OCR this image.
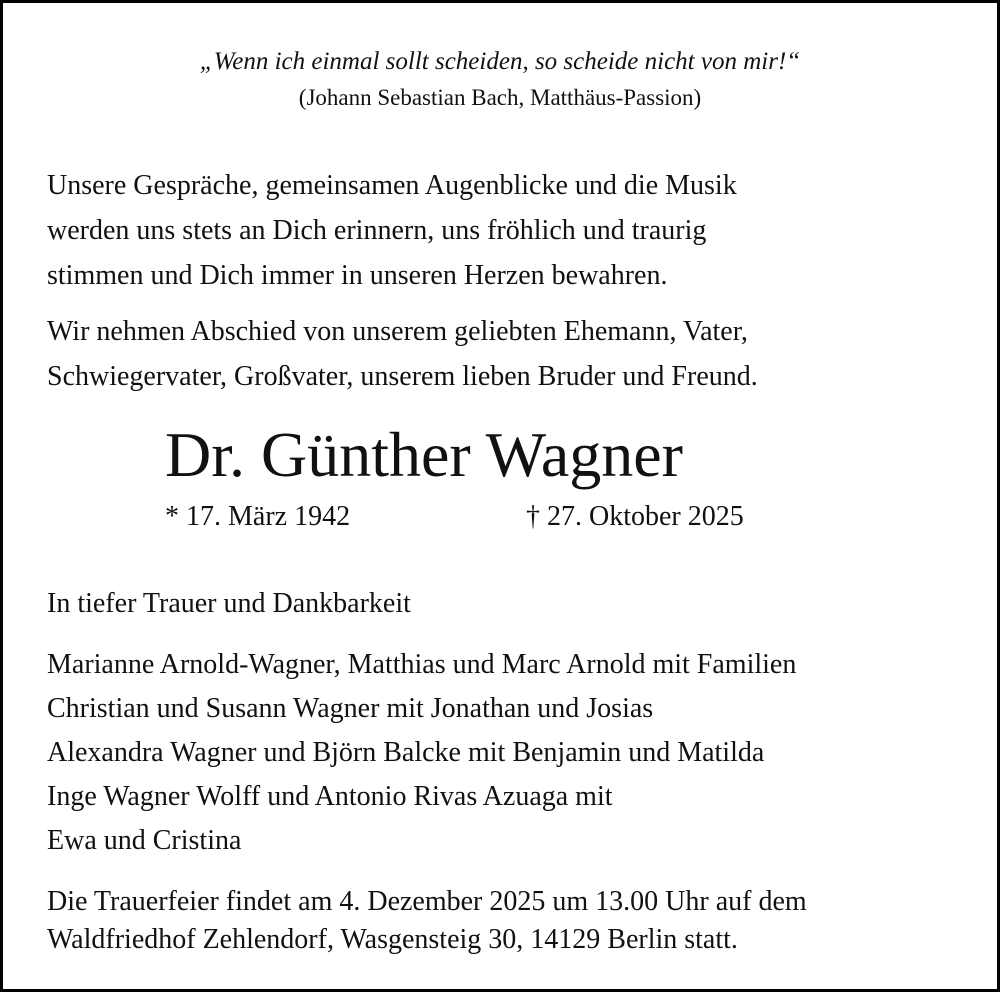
„Wenn ich einmal sollt scheiden, so scheide nicht von mir!“
(Johann Sebastian Bach, Matthäus-Passion)
Unsere Gespräche, gemeinsamen Augenblicke und die Musik
werden uns stets an Dich erinnern, uns fröhlich und traurig
stimmen und Dich immer in unseren Herzen bewahren.
Wir nehmen Abschied von unserem geliebten Ehemann, Vater,
Schwiegervater, Großvater, unserem lieben Bruder und Freund.
Dr. Günther Wagner
* 17. März 1942	† 27. Oktober 2025
In tiefer Trauer und Dankbarkeit
Marianne Arnold-Wagner, Matthias und Marc Arnold mit Familien
Christian und Susann Wagner mit Jonathan und Josias
Alexandra Wagner und Björn Balcke mit Benjamin und Matilda
Inge Wagner Wolff und Antonio Rivas Azuaga mit
Ewa und Cristina
Die Trauerfeier findet am 4. Dezember 2025 um 13.00 Uhr auf dem
Waldfriedhof Zehlendorf, Wasgensteig 30, 14129 Berlin statt.
